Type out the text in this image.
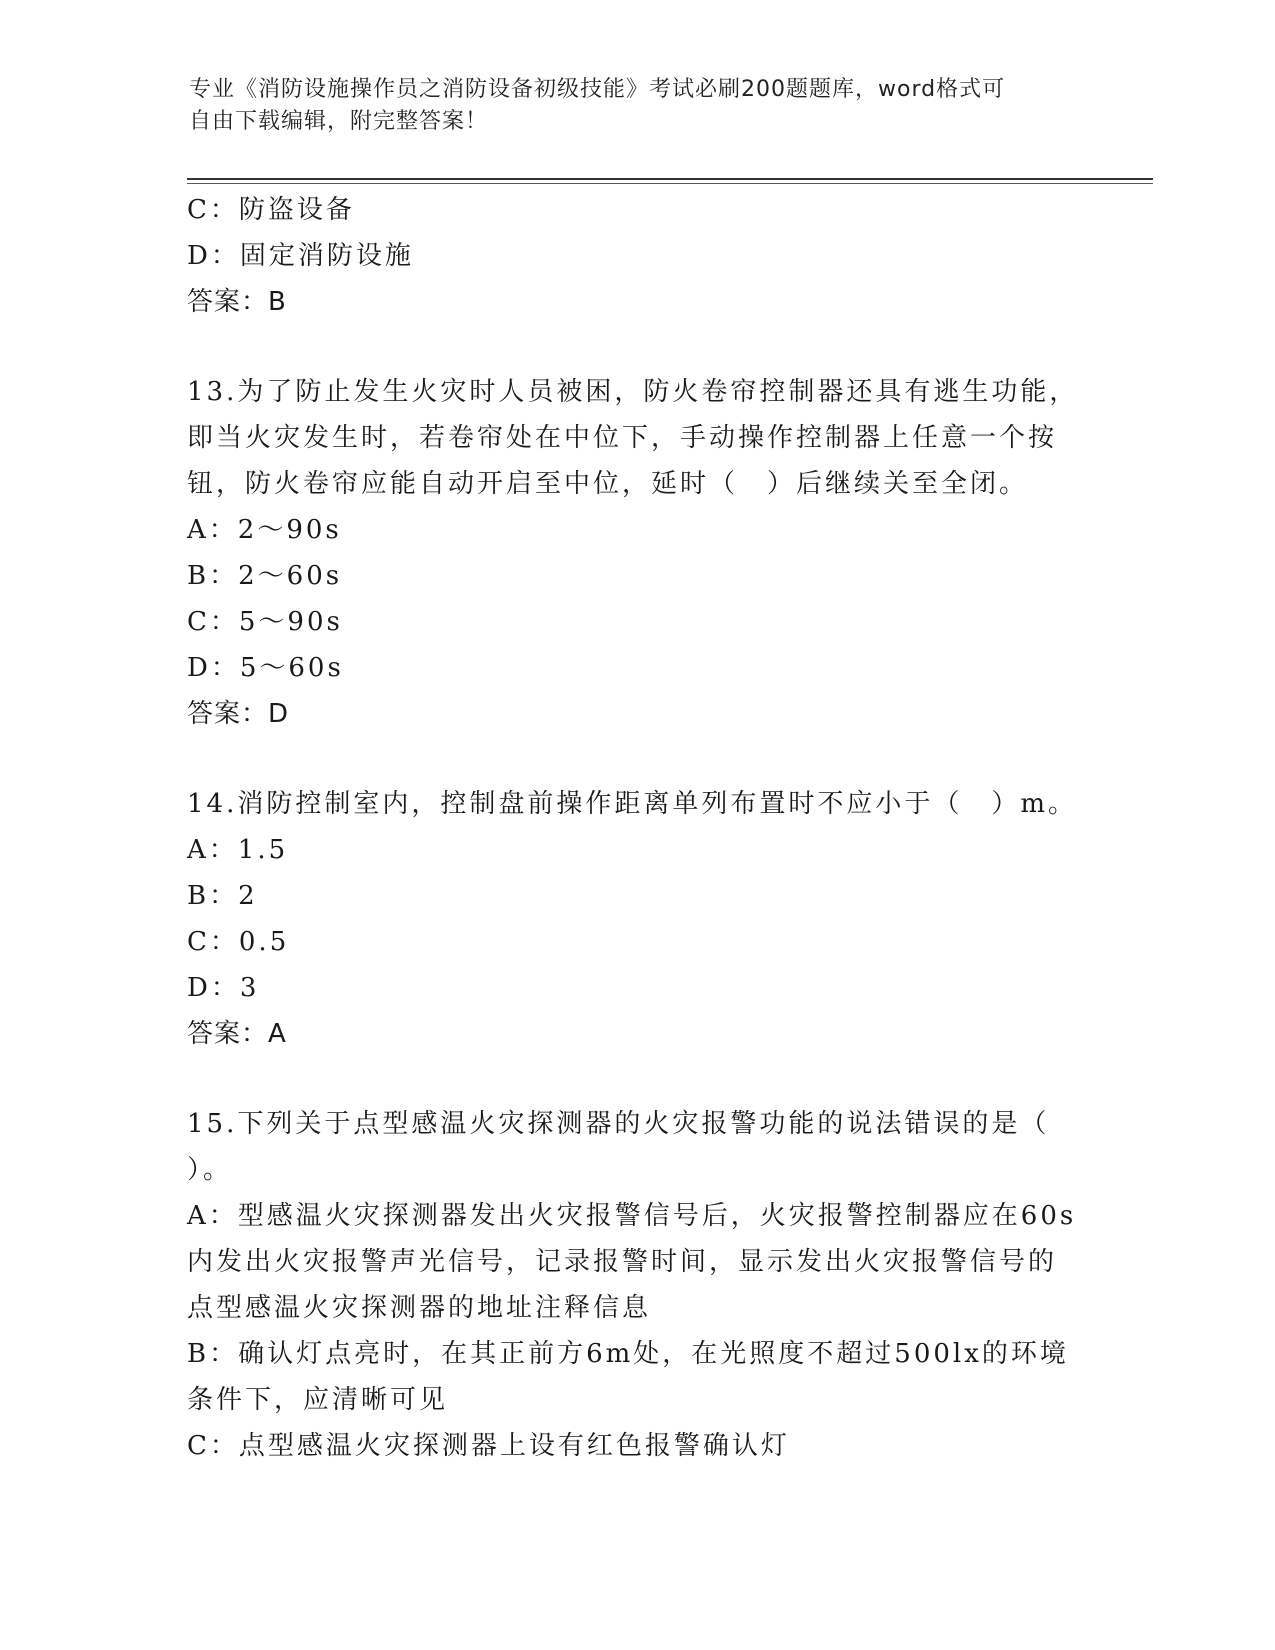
专业《消防设施操作员之消防设备初级技能》考试必刷200题题库，word格式可
自由下载编辑，附完整答案！
C：防盗设备
D：固定消防设施
答案：B
13.为了防止发生火灾时人员被困，防火卷帘控制器还具有逃生功能，
即当火灾发生时，若卷帘处在中位下，手动操作控制器上任意一个按
钮，防火卷帘应能自动开启至中位，延时（　）后继续关至全闭。
A：2～90s
B：2～60s
C：5～90s
D：5～60s
答案：D
14.消防控制室内，控制盘前操作距离单列布置时不应小于（　）m。
A：1.5
B：2
C：0.5
D：3
答案：A
15.下列关于点型感温火灾探测器的火灾报警功能的说法错误的是（
）。
A：型感温火灾探测器发出火灾报警信号后，火灾报警控制器应在60s
内发出火灾报警声光信号，记录报警时间，显示发出火灾报警信号的
点型感温火灾探测器的地址注释信息
B：确认灯点亮时，在其正前方6m处，在光照度不超过500lx的环境
条件下，应清晰可见
C：点型感温火灾探测器上设有红色报警确认灯
